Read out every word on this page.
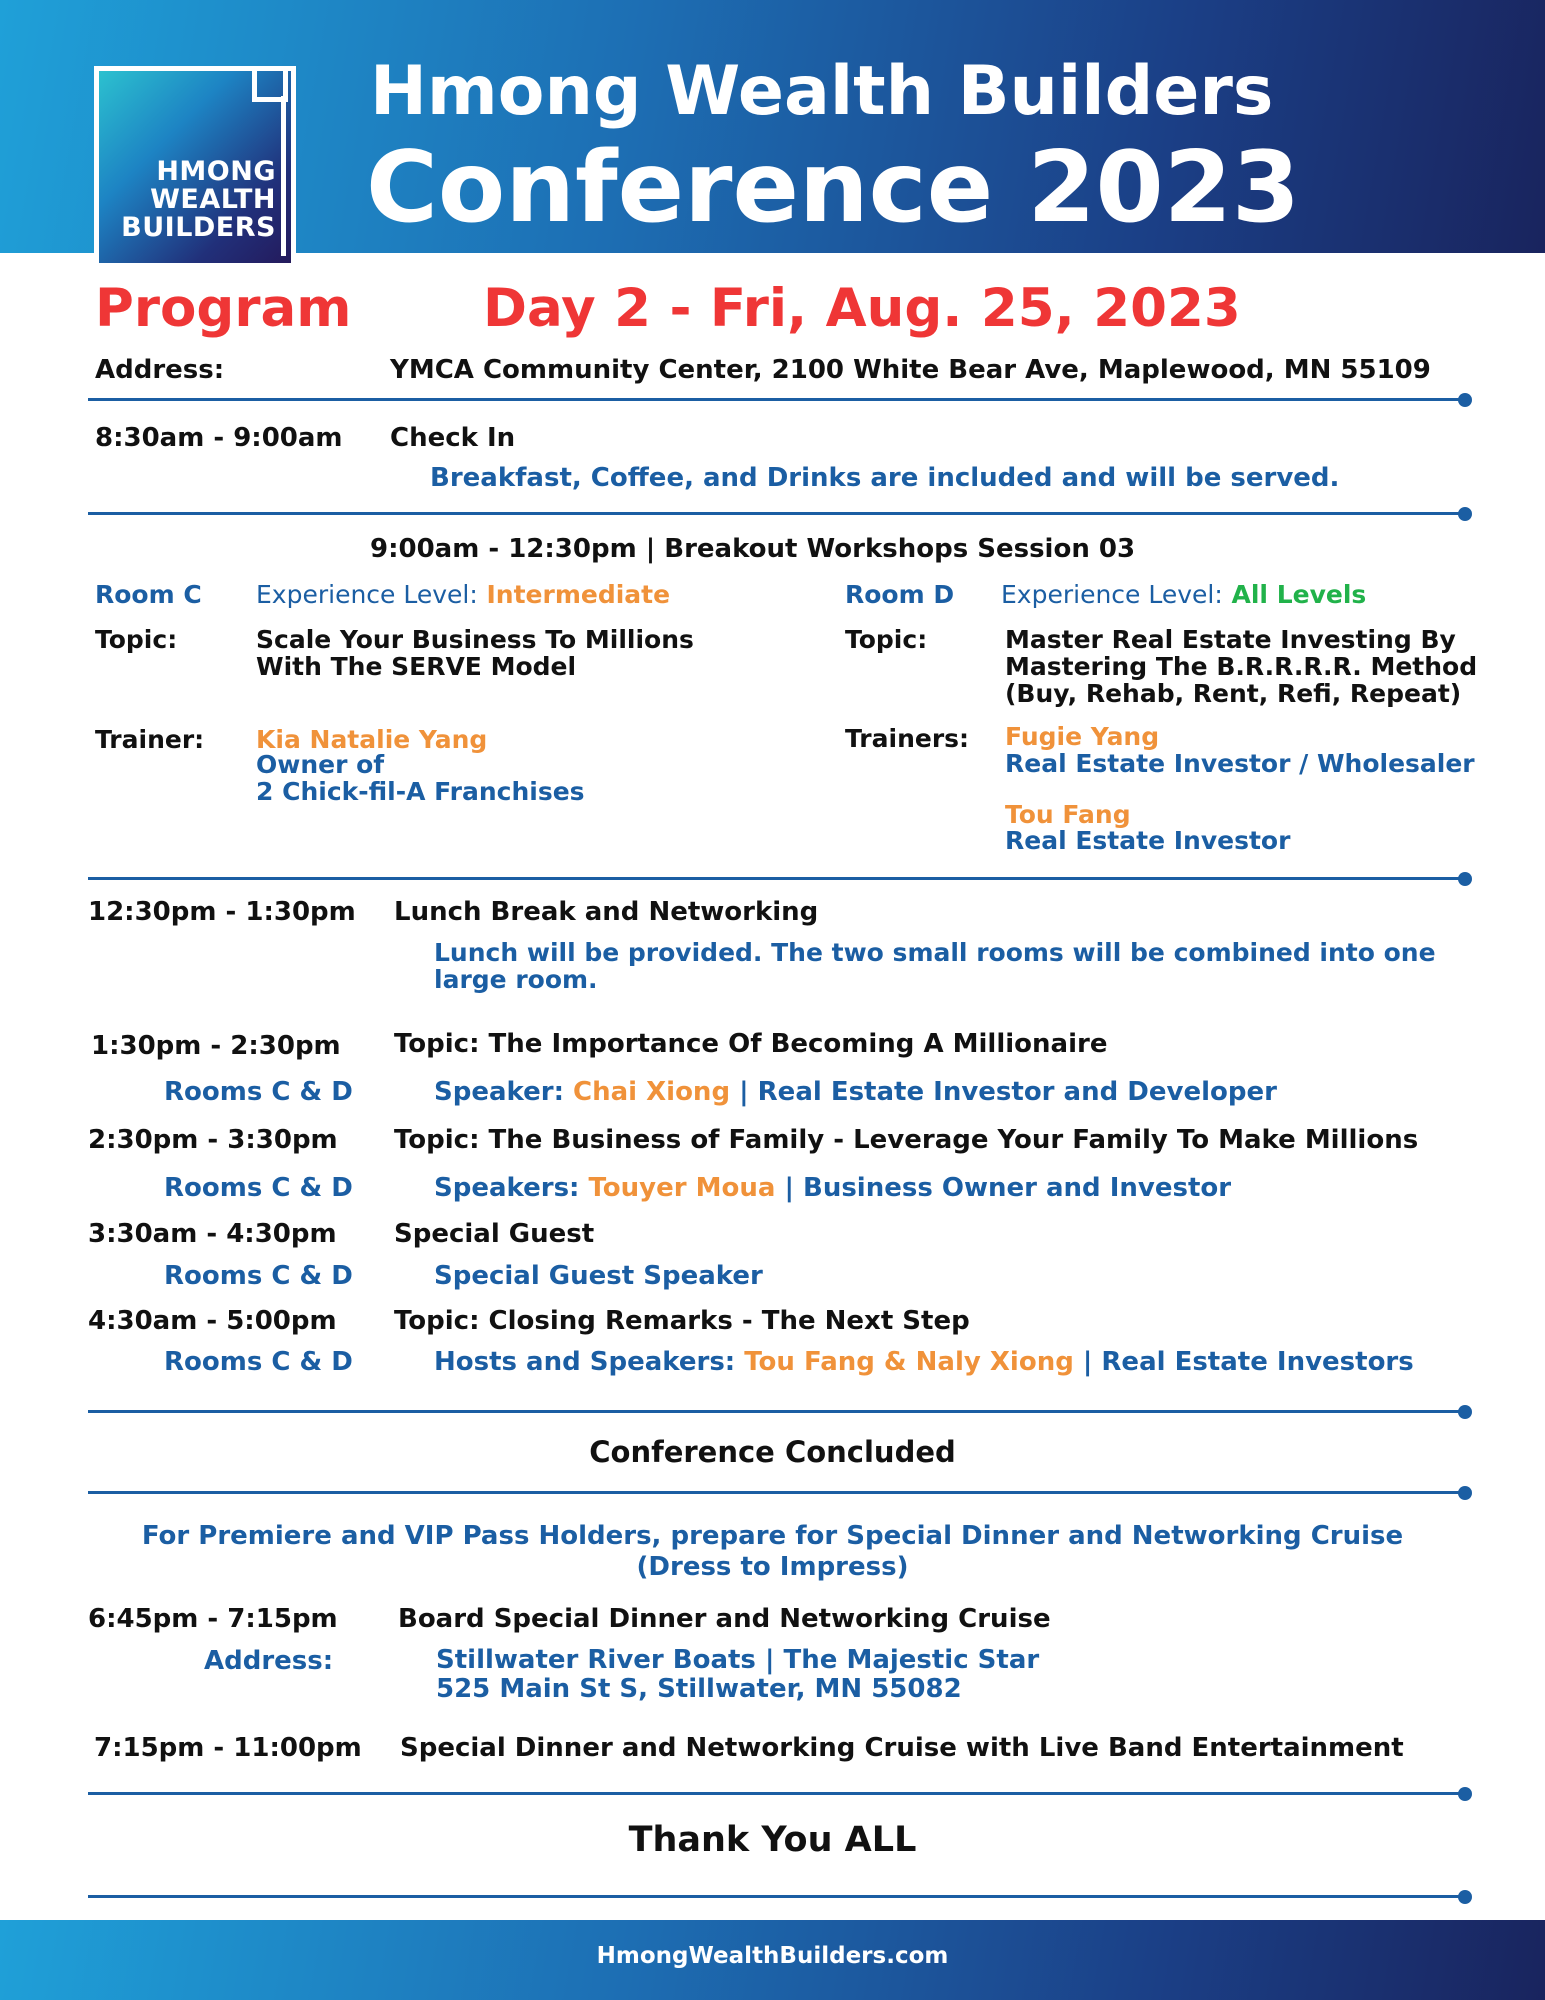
Hmong Wealth Builders
Conference 2023
HMONG
WEALTH
BUILDERS
Program Day 2 - Fri, Aug. 25, 2023
Address:	YMCA Community Center, 2100 White Bear Ave, Maplewood, MN 55109
8:30am - 9:00am Check In
Breakfast, Coffee, and Drinks are included and will be served.
9:00am - 12:30pm | Breakout Workshops Session 03
Room C Experience Level: Intermediate
Topic:	Scale Your Business To Millions
With The SERVE Model
Trainer: Kia Natalie Yang
Owner of
2 Chick-fil-A Franchises
Room D Experience Level: All Levels
Topic:	Master Real Estate Investing By
Mastering The B.R.R.R.R. Method
(Buy, Rehab, Rent, Refi, Repeat)
Trainers: Fugie Yang
Real Estate Investor / Wholesaler
Tou Fang
Real Estate Investor
12:30pm - 1:30pm Lunch Break and Networking
Lunch will be provided. The two small rooms will be combined into one
large room.
1:30pm - 2:30pm Topic: The Importance Of Becoming A Millionaire
Rooms C & D	Speaker: Chai Xiong | Real Estate Investor and Developer
2:30pm - 3:30pm Topic: The Business of Family - Leverage Your Family To Make Millions
Rooms C & D	Speakers: Touyer Moua | Business Owner and Investor
3:30am - 4:30pm Special Guest
Rooms C & D	Special Guest Speaker
4:30am - 5:00pm Topic: Closing Remarks - The Next Step
Rooms C & D	Hosts and Speakers: Tou Fang & Naly Xiong | Real Estate Investors
Conference Concluded
For Premiere and VIP Pass Holders, prepare for Special Dinner and Networking Cruise
(Dress to Impress)
6:45pm - 7:15pm Board Special Dinner and Networking Cruise
Address:	Stillwater River Boats | The Majestic Star
525 Main St S, Stillwater, MN 55082
7:15pm - 11:00pm Special Dinner and Networking Cruise with Live Band Entertainment
Thank You ALL
HmongWealthBuilders.com
